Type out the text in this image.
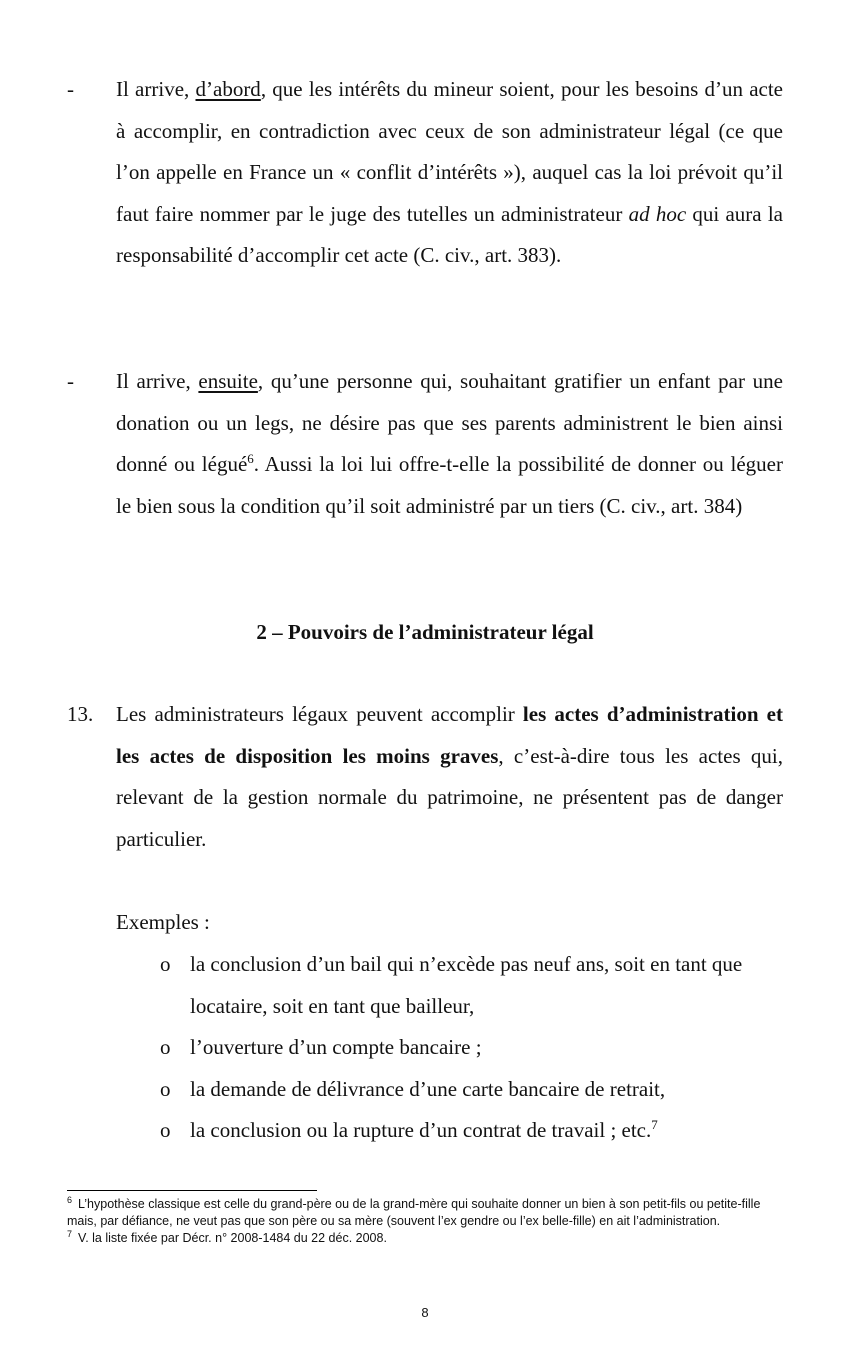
- Il arrive, d’abord, que les intérêts du mineur soient, pour les besoins d’un acte à accomplir, en contradiction avec ceux de son administrateur légal (ce que l’on appelle en France un « conflit d’intérêts »), auquel cas la loi prévoit qu’il faut faire nommer par le juge des tutelles un administrateur ad hoc qui aura la responsabilité d’accomplir cet acte (C. civ., art. 383).
- Il arrive, ensuite, qu’une personne qui, souhaitant gratifier un enfant par une donation ou un legs, ne désire pas que ses parents administrent le bien ainsi donné ou légué$^6$. Aussi la loi lui offre-t-elle la possibilité de donner ou léguer le bien sous la condition qu’il soit administré par un tiers (C. civ., art. 384)
2 – Pouvoirs de l’administrateur légal
13. Les administrateurs légaux peuvent accomplir les actes d’administration et les actes de disposition les moins graves, c’est-à-dire tous les actes qui, relevant de la gestion normale du patrimoine, ne présentent pas de danger particulier.
Exemples :
o la conclusion d’un bail qui n’excède pas neuf ans, soit en tant que locataire, soit en tant que bailleur,
o l’ouverture d’un compte bancaire ;
o la demande de délivrance d’une carte bancaire de retrait,
o la conclusion ou la rupture d’un contrat de travail ; etc.$^7$
$^6$ L’hypothèse classique est celle du grand-père ou de la grand-mère qui souhaite donner un bien à son petit-fils ou petite-fille mais, par défiance, ne veut pas que son père ou sa mère (souvent l’ex gendre ou l’ex belle-fille) en ait l’administration.
$^7$ V. la liste fixée par Décr. n° 2008-1484 du 22 déc. 2008.
8
